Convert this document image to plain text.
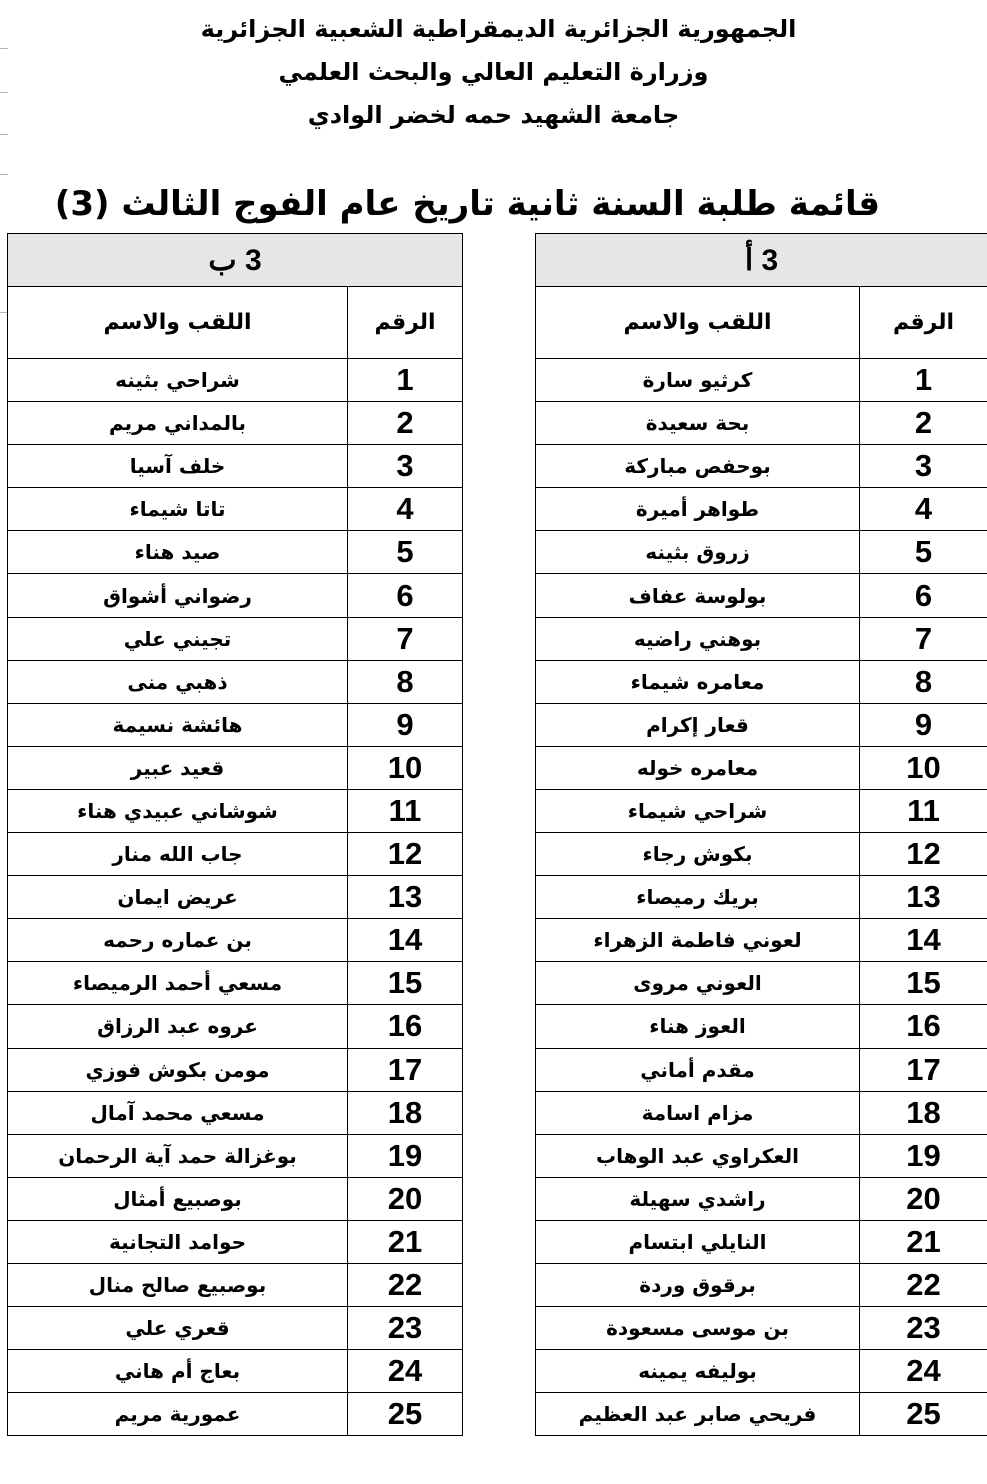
الجمهورية الجزائرية الديمقراطية الشعبية الجزائرية
وزرارة التعليم العالي والبحث العلمي
جامعة الشهيد حمه لخضر الوادي
قائمة طلبة السنة ثانية تاريخ عام الفوج الثالث (3)
3 أ	
الرقم	اللقب والاسم
1	كرثيو سارة
2	بحة سعيدة
3	بوحفص مباركة
4	طواهر أميرة
5	زروق بثينه
6	بولوسة عفاف
7	بوهني راضيه
8	معامره شيماء
9	قعار إكرام
10	معامره خوله
11	شراحي شيماء
12	بكوش رجاء
13	بريك رميصاء
14	لعوني فاطمة الزهراء
15	العوني مروى
16	العوز هناء
17	مقدم أماني
18	مزام اسامة
19	العكراوي عبد الوهاب
20	راشدي سهيلة
21	النايلي ابتسام
22	برقوق وردة
23	بن موسى مسعودة
24	بوليفه يمينه
25	فريحي صابر عبد العظيم
3 ب	
الرقم	اللقب والاسم
1	شراحي بثينه
2	بالمداني مريم
3	خلف آسيا
4	تاتا شيماء
5	صيد هناء
6	رضواني أشواق
7	تجيني علي
8	ذهبي منى
9	هائشة نسيمة
10	قعيد عبير
11	شوشاني عبيدي هناء
12	جاب الله منار
13	عريض ايمان
14	بن عماره رحمه
15	مسعي أحمد الرميصاء
16	عروه عبد الرزاق
17	مومن بكوش فوزي
18	مسعي محمد آمال
19	بوغزالة حمد آية الرحمان
20	بوصبيع أمثال
21	حوامد التجانية
22	بوصبيع صالح منال
23	قعري علي
24	بعاج أم هاني
25	عمورية مريم
